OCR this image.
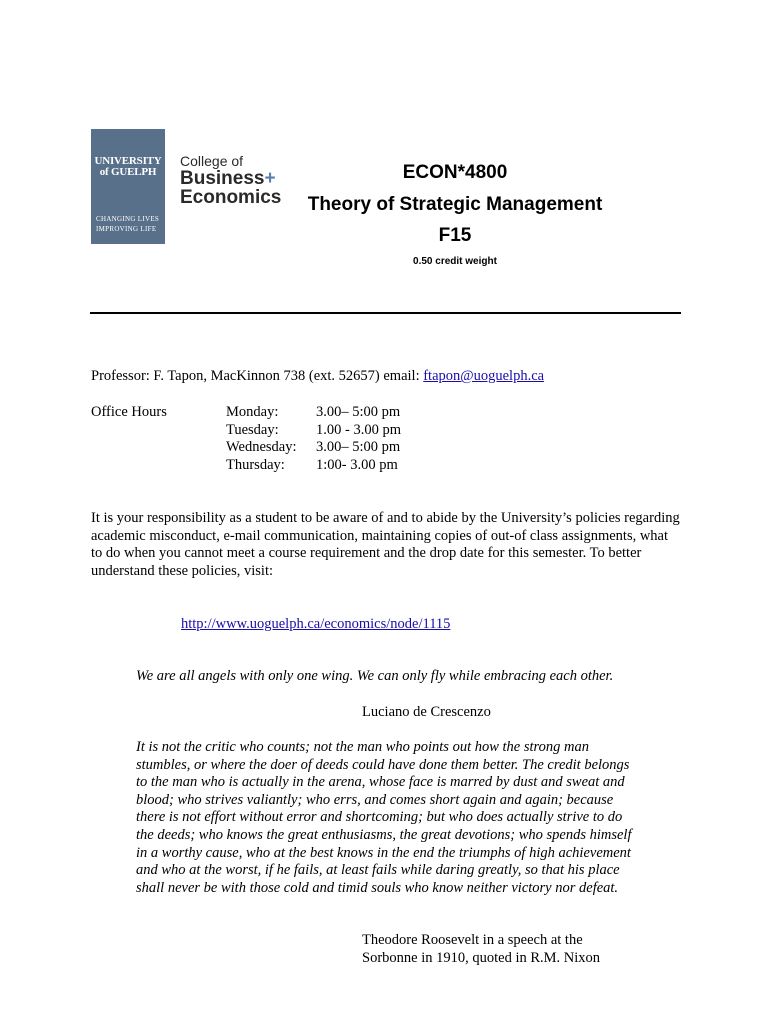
UNIVERSITY
of GUELPH
CHANGING LIVES
IMPROVING LIFE
College of
Business+
Economics
ECON*4800
Theory of Strategic Management
F15
0.50 credit weight
Professor: F. Tapon, MacKinnon 738 (ext. 52657) email: ftapon@uoguelph.ca
Office Hours	Monday:	3.00– 5:00 pm
Tuesday:	1.00 - 3.00 pm
Wednesday:	3.00– 5:00 pm
Thursday:	1:00- 3.00 pm
It is your responsibility as a student to be aware of and to abide by the University’s policies regarding academic misconduct, e-mail communication, maintaining copies of out-of class assignments, what to do when you cannot meet a course requirement and the drop date for this semester. To better understand these policies, visit:
http://www.uoguelph.ca/economics/node/1115
We are all angels with only one wing. We can only fly while embracing each other.
Luciano de Crescenzo
It is not the critic who counts; not the man who points out how the strong man stumbles, or where the doer of deeds could have done them better. The credit belongs to the man who is actually in the arena, whose face is marred by dust and sweat and blood; who strives valiantly; who errs, and comes short again and again; because there is not effort without error and shortcoming; but who does actually strive to do the deeds; who knows the great enthusiasms, the great devotions; who spends himself in a worthy cause, who at the best knows in the end the triumphs of high achievement and who at the worst, if he fails, at least fails while daring greatly, so that his place shall never be with those cold and timid souls who know neither victory nor defeat.
Theodore Roosevelt in a speech at the
Sorbonne in 1910, quoted in R.M. Nixon
